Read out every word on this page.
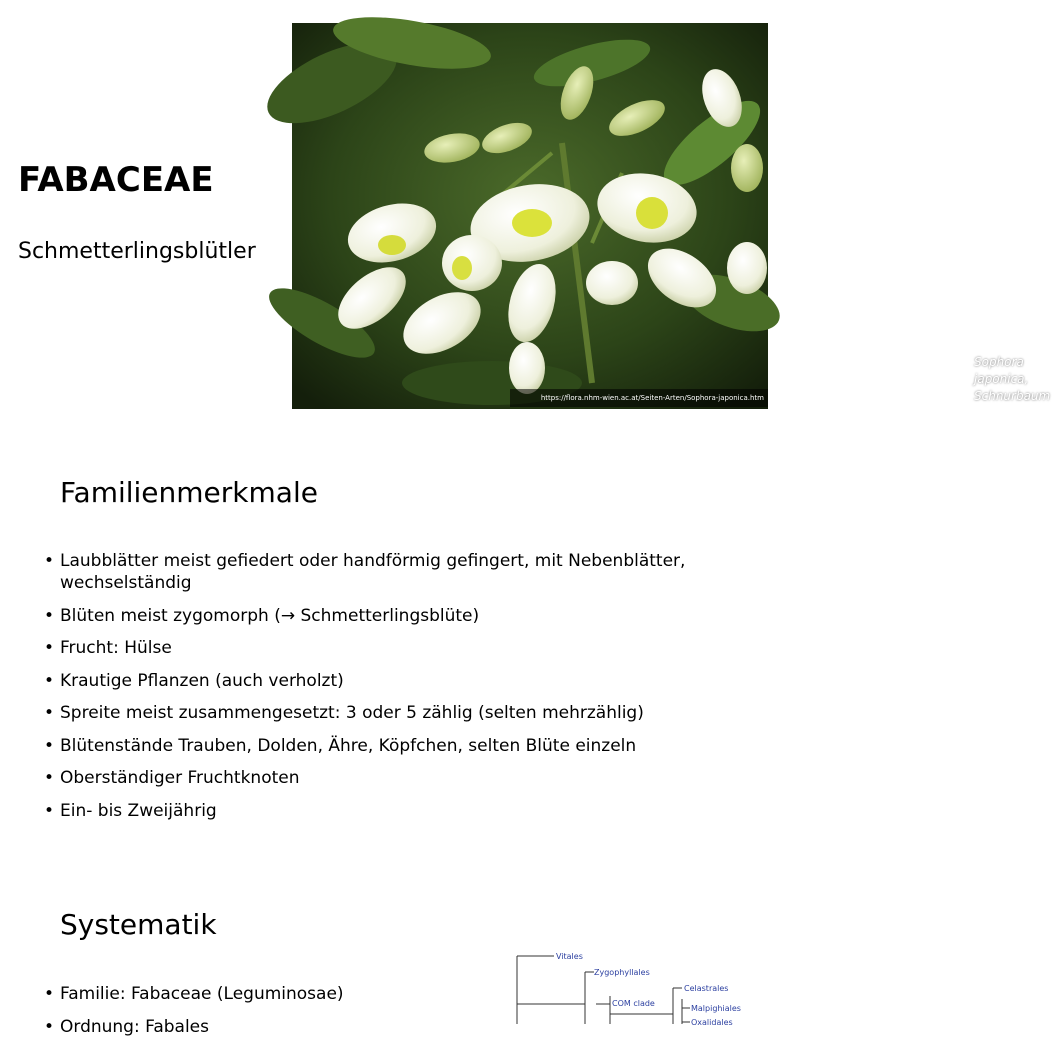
FABACEAE
Schmetterlingsblütler
Sophora
japonica,
Schnurbaum
https://flora.nhm-wien.ac.at/Seiten-Arten/Sophora-japonica.htm
Familienmerkmale
• Laubblätter meist gefiedert oder handförmig gefingert, mit Nebenblätter, wechselständig
• Blüten meist zygomorph (→ Schmetterlingsblüte)
• Frucht: Hülse
• Krautige Pflanzen (auch verholzt)
• Spreite meist zusammengesetzt: 3 oder 5 zählig (selten mehrzählig)
• Blütenstände Trauben, Dolden, Ähre, Köpfchen, selten Blüte einzeln
• Oberständiger Fruchtknoten
• Ein- bis Zweijährig
Systematik
• Familie: Fabaceae (Leguminosae)
• Ordnung: Fabales
Vitales
Zygophyllales
COM clade
Celastrales
Malpighiales
Oxalidales
